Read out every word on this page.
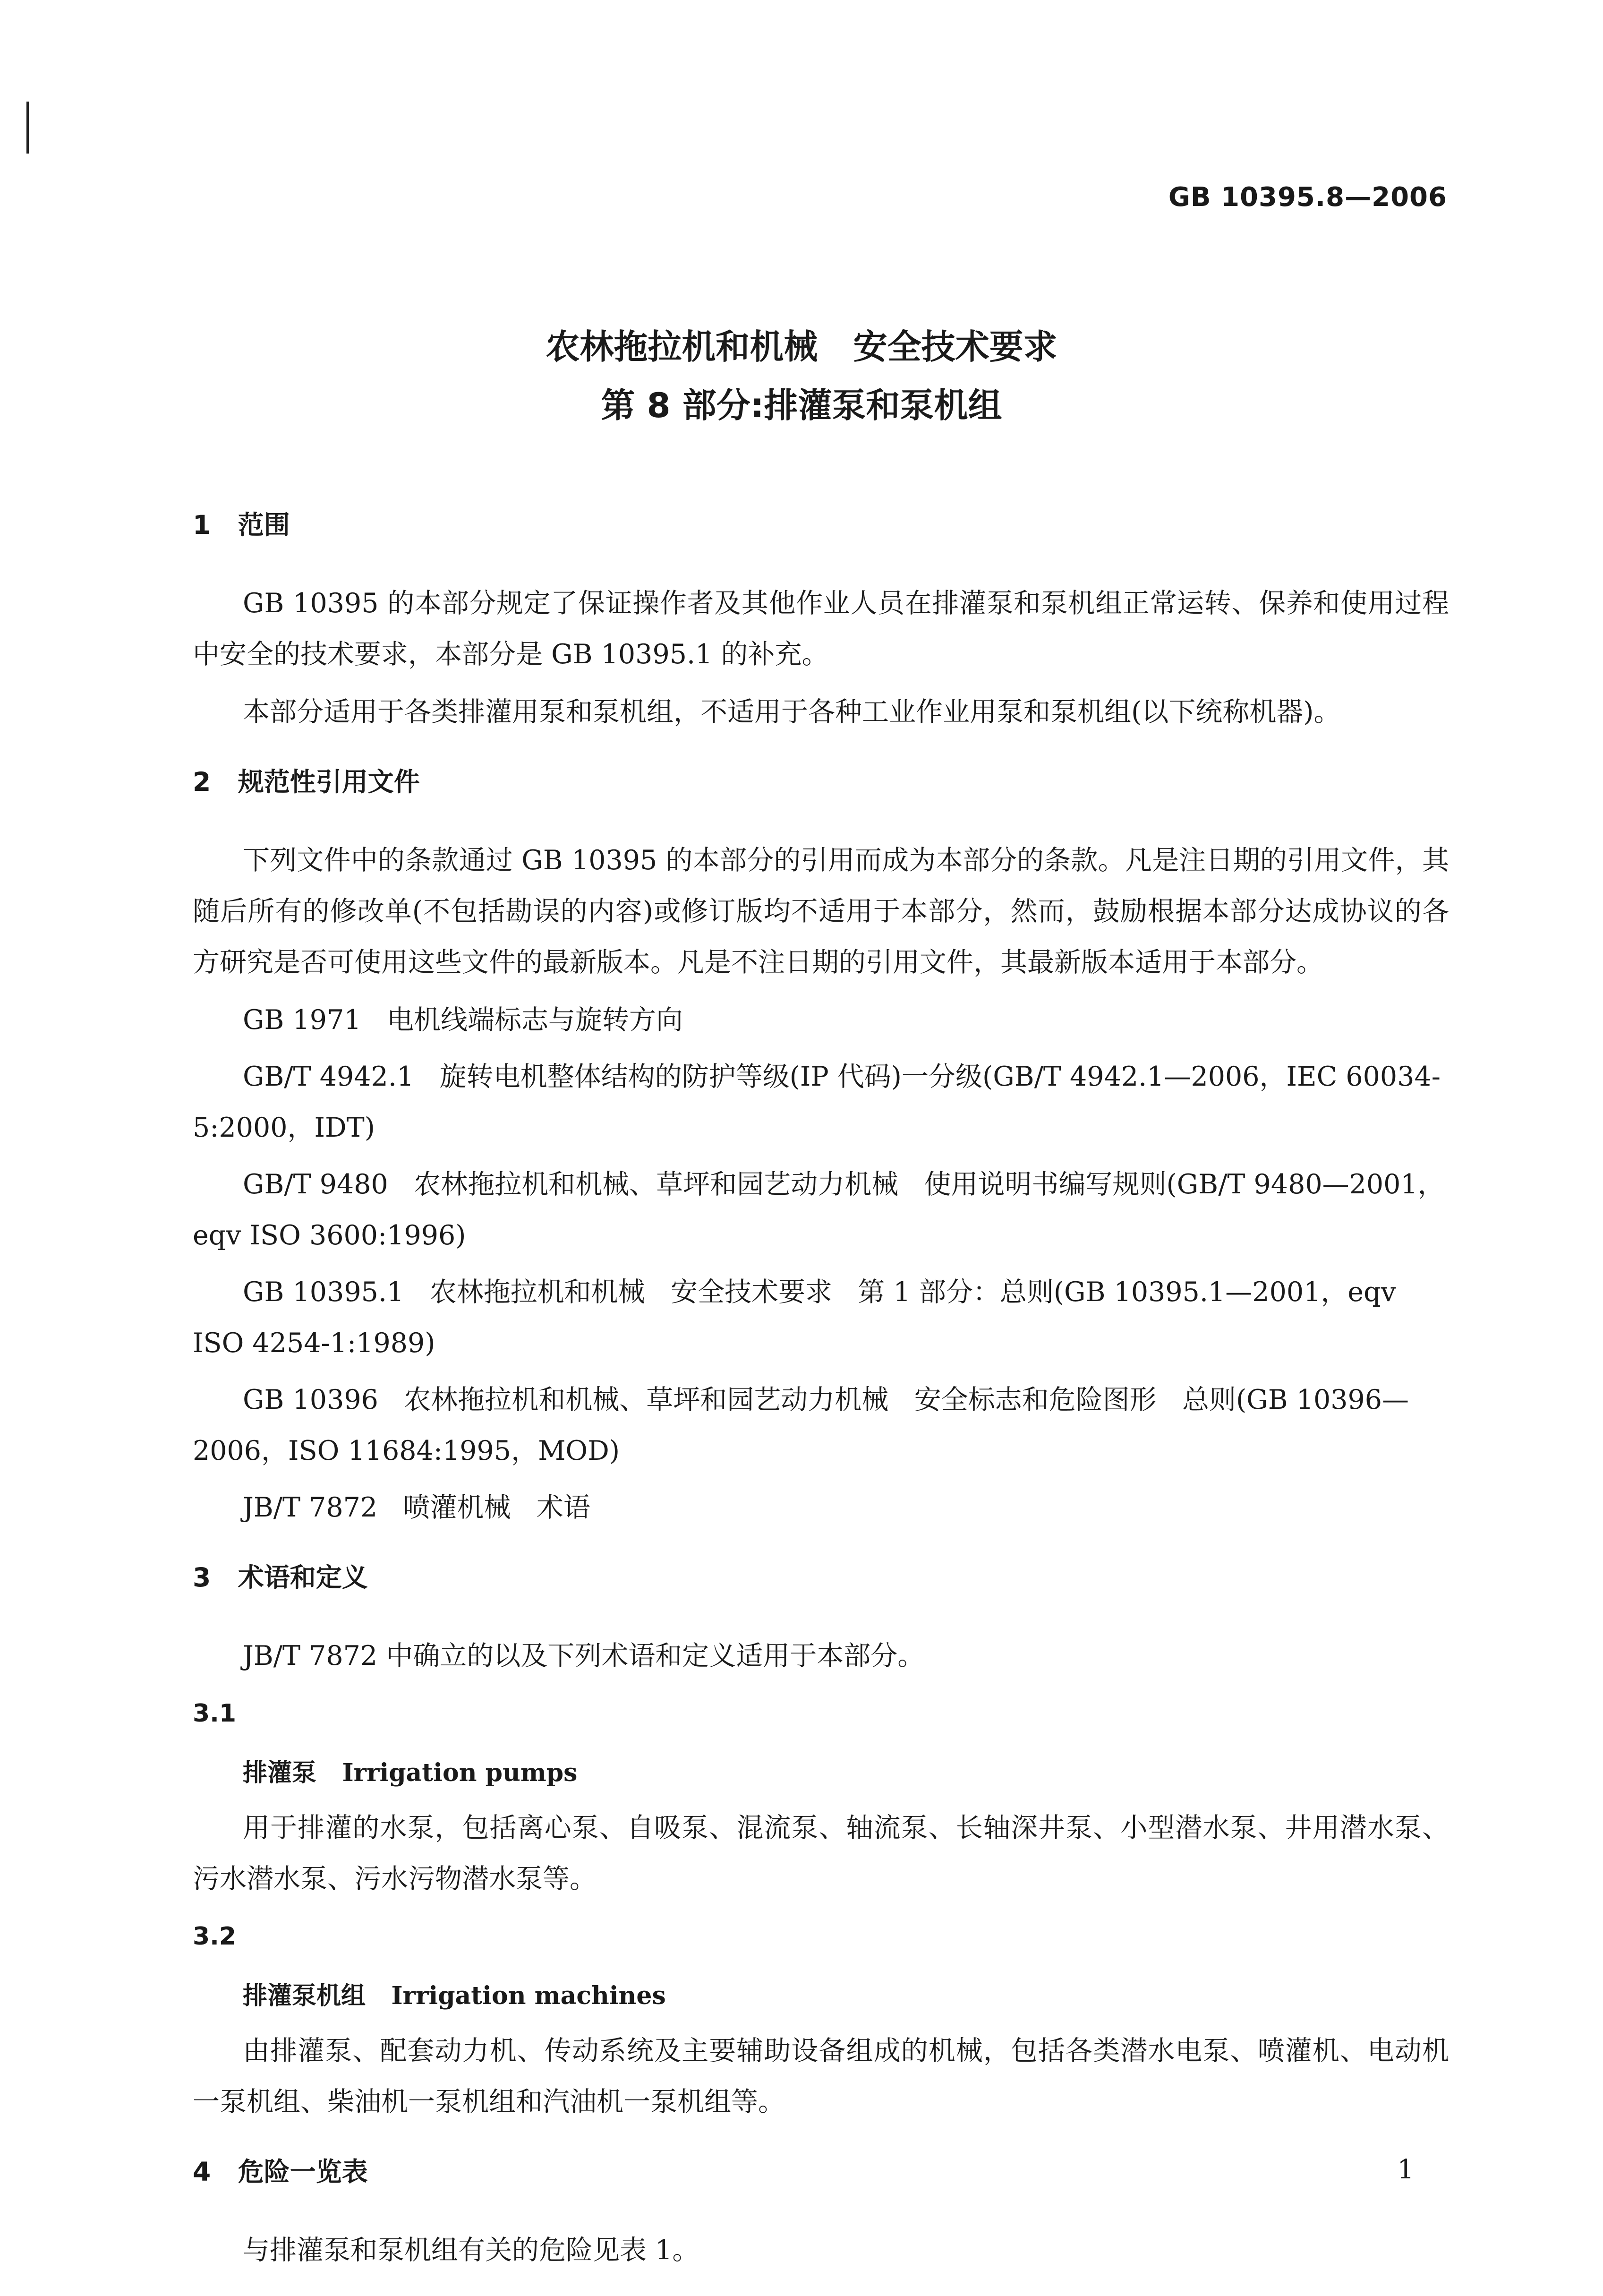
GB 10395.8—2006
农林拖拉机和机械   安全技术要求
第 8 部分:排灌泵和泵机组
1   范围
GB 10395 的本部分规定了保证操作者及其他作业人员在排灌泵和泵机组正常运转、保养和使用过程中安全的技术要求，本部分是 GB 10395.1 的补充。
本部分适用于各类排灌用泵和泵机组，不适用于各种工业作业用泵和泵机组(以下统称机器)。
2   规范性引用文件
下列文件中的条款通过 GB 10395 的本部分的引用而成为本部分的条款。凡是注日期的引用文件，其随后所有的修改单(不包括勘误的内容)或修订版均不适用于本部分，然而，鼓励根据本部分达成协议的各方研究是否可使用这些文件的最新版本。凡是不注日期的引用文件，其最新版本适用于本部分。
GB 1971 电机线端标志与旋转方向
GB/T 4942.1 旋转电机整体结构的防护等级(IP 代码)一分级(GB/T 4942.1—2006，IEC 60034-5:2000，IDT)
GB/T 9480 农林拖拉机和机械、草坪和园艺动力机械   使用说明书编写规则(GB/T 9480—2001，eqv ISO 3600:1996)
GB 10395.1 农林拖拉机和机械   安全技术要求   第 1 部分：总则(GB 10395.1—2001，eqv ISO 4254-1:1989)
GB 10396 农林拖拉机和机械、草坪和园艺动力机械   安全标志和危险图形   总则(GB 10396—2006，ISO 11684:1995，MOD)
JB/T 7872 喷灌机械   术语
3   术语和定义
JB/T 7872 中确立的以及下列术语和定义适用于本部分。
3.1
排灌泵 Irrigation pumps
用于排灌的水泵，包括离心泵、自吸泵、混流泵、轴流泵、长轴深井泵、小型潜水泵、井用潜水泵、污水潜水泵、污水污物潜水泵等。
3.2
排灌泵机组 Irrigation machines
由排灌泵、配套动力机、传动系统及主要辅助设备组成的机械，包括各类潜水电泵、喷灌机、电动机一泵机组、柴油机一泵机组和汽油机一泵机组等。
4   危险一览表
与排灌泵和泵机组有关的危险见表 1。
1
